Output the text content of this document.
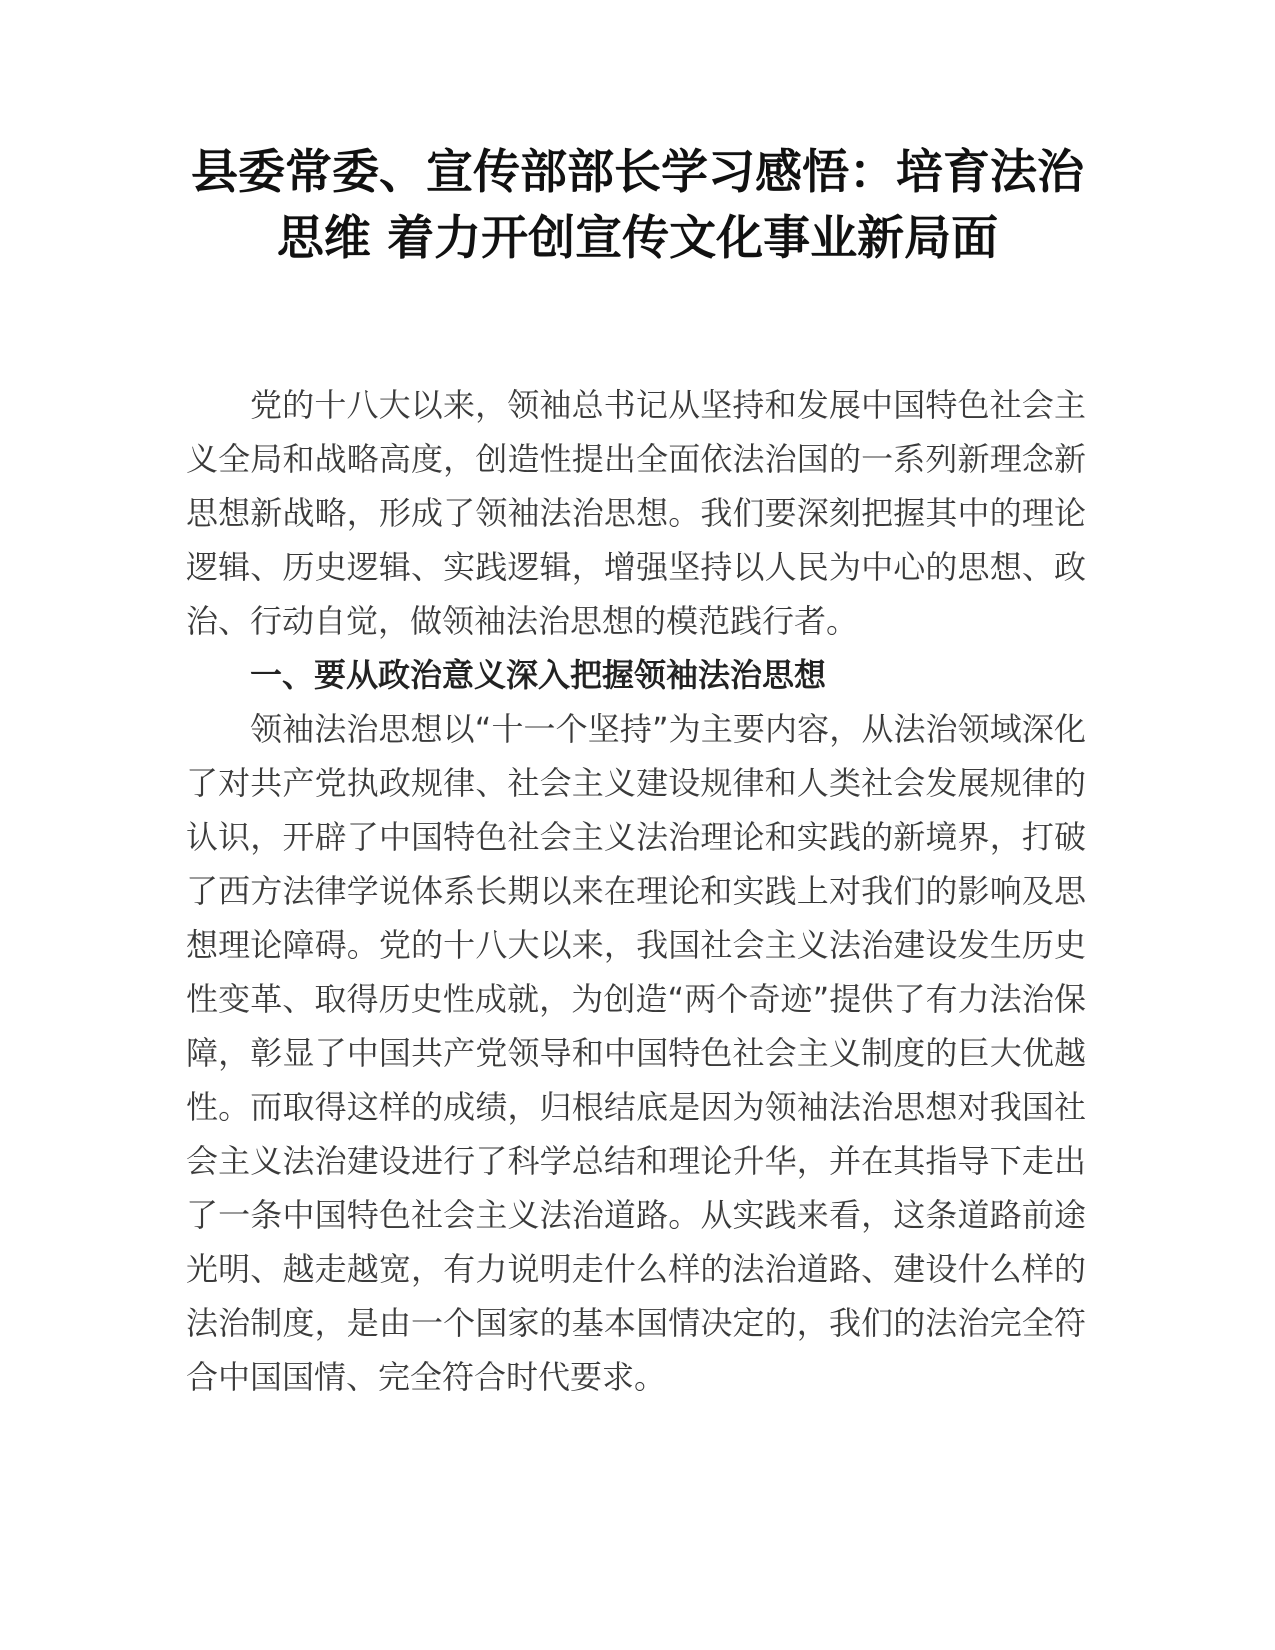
县委常委、宣传部部长学习感悟：培育法治
思维 着力开创宣传文化事业新局面

党的十八大以来，领袖总书记从坚持和发展中国特色社会主义全局和战略高度，创造性提出全面依法治国的一系列新理念新思想新战略，形成了领袖法治思想。我们要深刻把握其中的理论逻辑、历史逻辑、实践逻辑，增强坚持以人民为中心的思想、政治、行动自觉，做领袖法治思想的模范践行者。

一、要从政治意义深入把握领袖法治思想

领袖法治思想以“十一个坚持”为主要内容，从法治领域深化了对共产党执政规律、社会主义建设规律和人类社会发展规律的认识，开辟了中国特色社会主义法治理论和实践的新境界，打破了西方法律学说体系长期以来在理论和实践上对我们的影响及思想理论障碍。党的十八大以来，我国社会主义法治建设发生历史性变革、取得历史性成就，为创造“两个奇迹”提供了有力法治保障，彰显了中国共产党领导和中国特色社会主义制度的巨大优越性。而取得这样的成绩，归根结底是因为领袖法治思想对我国社会主义法治建设进行了科学总结和理论升华，并在其指导下走出了一条中国特色社会主义法治道路。从实践来看，这条道路前途光明、越走越宽，有力说明走什么样的法治道路、建设什么样的法治制度，是由一个国家的基本国情决定的，我们的法治完全符合中国国情、完全符合时代要求。
